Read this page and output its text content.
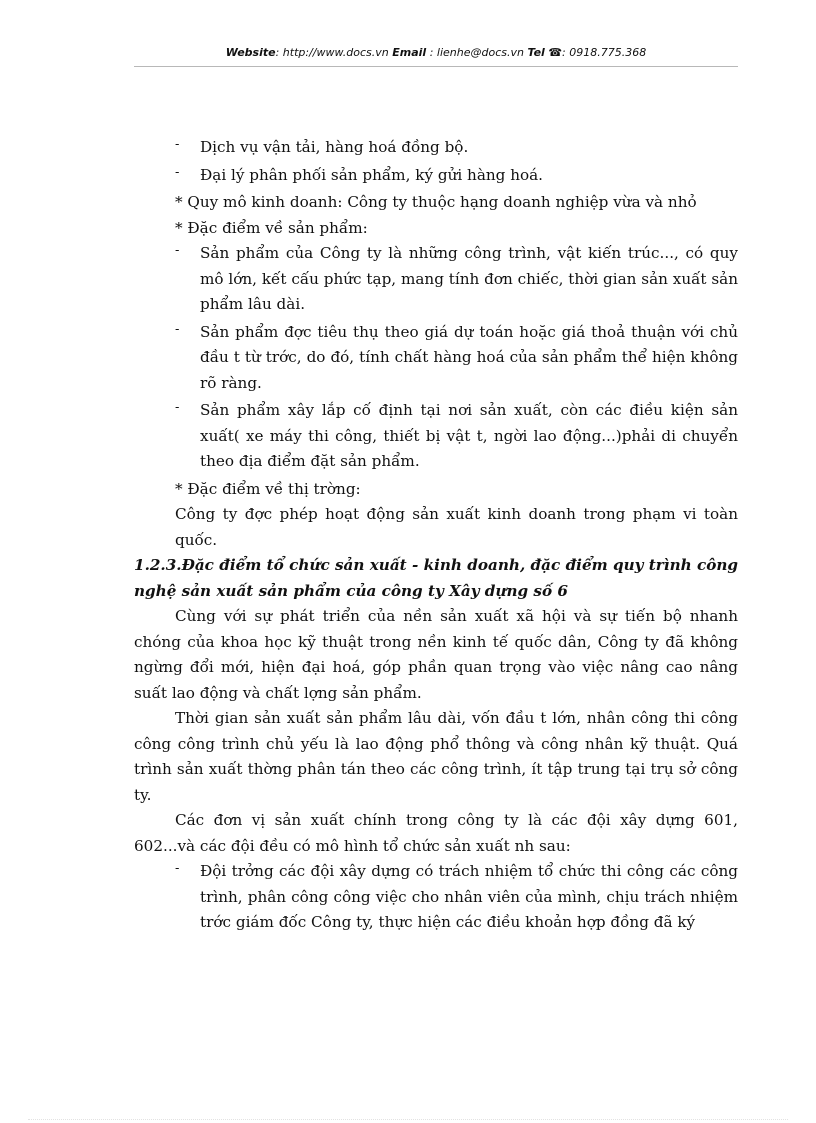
Website: http://www.docs.vn Email : lienhe@docs.vn Tel ☎: 0918.775.368

- Dịch vụ vận tải, hàng hoá đồng bộ.

- Đại lý phân phối sản phẩm, ký gửi hàng hoá.

* Quy mô kinh doanh: Công ty thuộc hạng doanh nghiệp vừa và nhỏ

* Đặc điểm về sản phẩm:

- Sản phẩm của Công ty là những công trình, vật kiến trúc..., có quy mô lớn, kết cấu phức tạp, mang tính đơn chiếc, thời gian sản xuất sản phẩm lâu dài.

- Sản phẩm đợc tiêu thụ theo giá dự toán hoặc giá thoả thuận với chủ đầu t từ trớc, do đó, tính chất hàng hoá của sản phẩm thể hiện không rõ ràng.

- Sản phẩm xây lắp cố định tại nơi sản xuất, còn các điều kiện sản xuất( xe máy thi công, thiết bị vật t, ngời lao động...)phải di chuyển theo địa điểm đặt sản phẩm.

* Đặc điểm về thị trờng:

Công ty đợc phép hoạt động sản xuất kinh doanh trong phạm vi toàn quốc.

1.2.3.Đặc điểm tổ chức sản xuất - kinh doanh, đặc điểm quy trình công nghệ sản xuất sản phẩm của công ty Xây dựng số 6

Cùng với sự phát triển của nền sản xuất xã hội và sự tiến bộ nhanh chóng của khoa học kỹ thuật trong nền kinh tế quốc dân, Công ty đã không ngừng đổi mới, hiện đại hoá, góp phần quan trọng vào việc nâng cao nâng suất lao động và chất lợng sản phẩm.

Thời gian sản xuất sản phẩm lâu dài, vốn đầu t lớn, nhân công thi công công công trình chủ yếu là lao động phổ thông và công nhân kỹ thuật. Quá trình sản xuất thờng phân tán theo các công trình, ít tập trung tại trụ sở công ty.

Các đơn vị sản xuất chính trong công ty là các đội xây dựng 601, 602...và các đội đều có mô hình tổ chức sản xuất nh sau:

- Đội trởng các đội xây dựng có trách nhiệm tổ chức thi công các công trình, phân công công việc cho nhân viên của mình, chịu trách nhiệm trớc giám đốc Công ty, thực hiện các điều khoản hợp đồng đã ký
